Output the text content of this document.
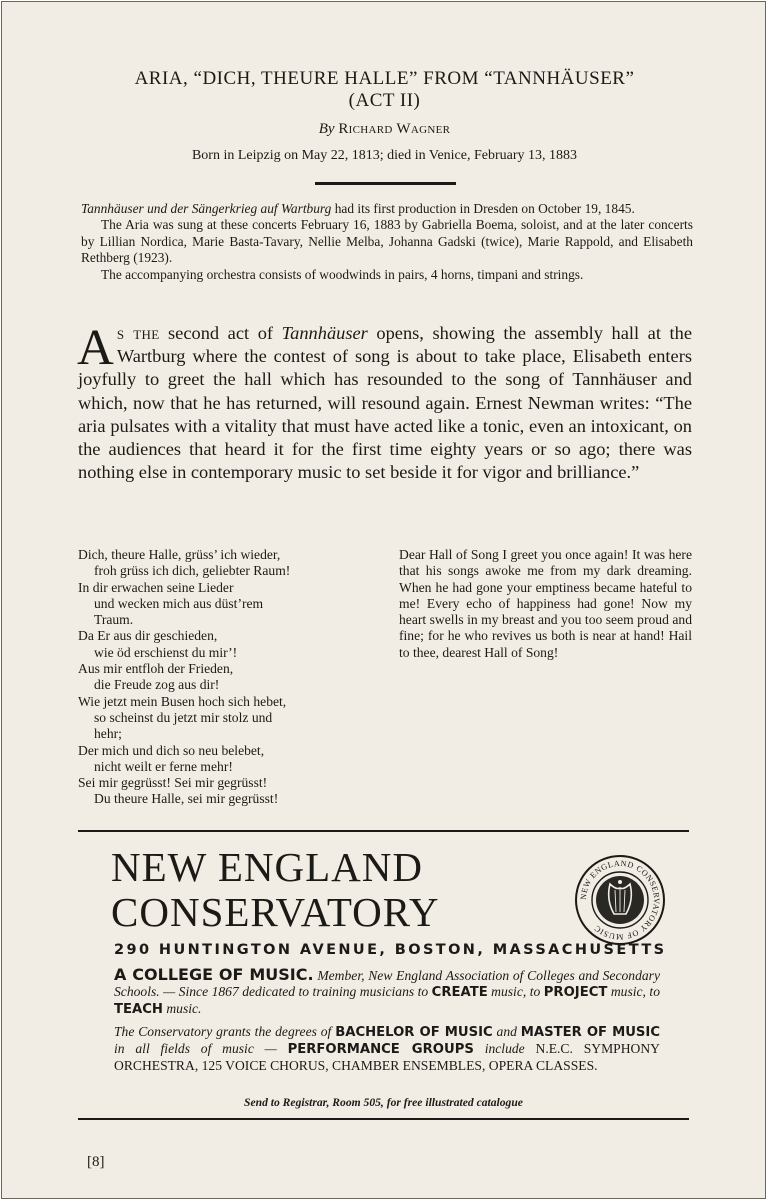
ARIA, “DICH, THEURE HALLE” FROM “TANNHÄUSER”
(ACT II)
By Richard Wagner
Born in Leipzig on May 22, 1813; died in Venice, February 13, 1883

Tannhäuser und der Sängerkrieg auf Wartburg had its first production in Dresden on October 19, 1845.

The Aria was sung at these concerts February 16, 1883 by Gabriella Boema, soloist, and at the later concerts by Lillian Nordica, Marie Basta-Tavary, Nellie Melba, Johanna Gadski (twice), Marie Rappold, and Elisabeth Rethberg (1923).

The accompanying orchestra consists of woodwinds in pairs, 4 horns, timpani and strings.

As the second act of Tannhäuser opens, showing the assembly hall at the Wartburg where the contest of song is about to take place, Elisabeth enters joyfully to greet the hall which has resounded to the song of Tannhäuser and which, now that he has returned, will resound again. Ernest Newman writes: “The aria pulsates with a vitality that must have acted like a tonic, even an intoxicant, on the audiences that heard it for the first time eighty years or so ago; there was nothing else in contemporary music to set beside it for vigor and brilliance.”
Dich, theure Halle, grüss’ ich wieder,
froh grüss ich dich, geliebter Raum!
In dir erwachen seine Lieder
und wecken mich aus düst’rem
Traum.
Da Er aus dir geschieden,
wie öd erschienst du mir’!
Aus mir entfloh der Frieden,
die Freude zog aus dir!
Wie jetzt mein Busen hoch sich hebet,
so scheinst du jetzt mir stolz und
hehr;
Der mich und dich so neu belebet,
nicht weilt er ferne mehr!
Sei mir gegrüsst! Sei mir gegrüsst!
Du theure Halle, sei mir gegrüsst!
Dear Hall of Song I greet you once again! It was here that his songs awoke me from my dark dreaming. When he had gone your emptiness became hateful to me! Every echo of happiness had gone! Now my heart swells in my breast and you too seem proud and fine; for he who revives us both is near at hand! Hail to thee, dearest Hall of Song!
NEW ENGLAND
CONSERVATORY	NEW ENGLAND CONSERVATORY OF MUSIC
290 HUNTINGTON AVENUE, BOSTON, MASSACHUSETTS

A COLLEGE OF MUSIC. Member, New England Association of Colleges and Secondary Schools. — Since 1867 dedicated to training musicians to CREATE music, to PROJECT music, to TEACH music.

The Conservatory grants the degrees of BACHELOR OF MUSIC and MASTER OF MUSIC in all fields of music — PERFORMANCE GROUPS include N.E.C. SYMPHONY ORCHESTRA, 125 VOICE CHORUS, CHAMBER ENSEMBLES, OPERA CLASSES.

Send to Registrar, Room 505, for free illustrated catalogue
[8]
